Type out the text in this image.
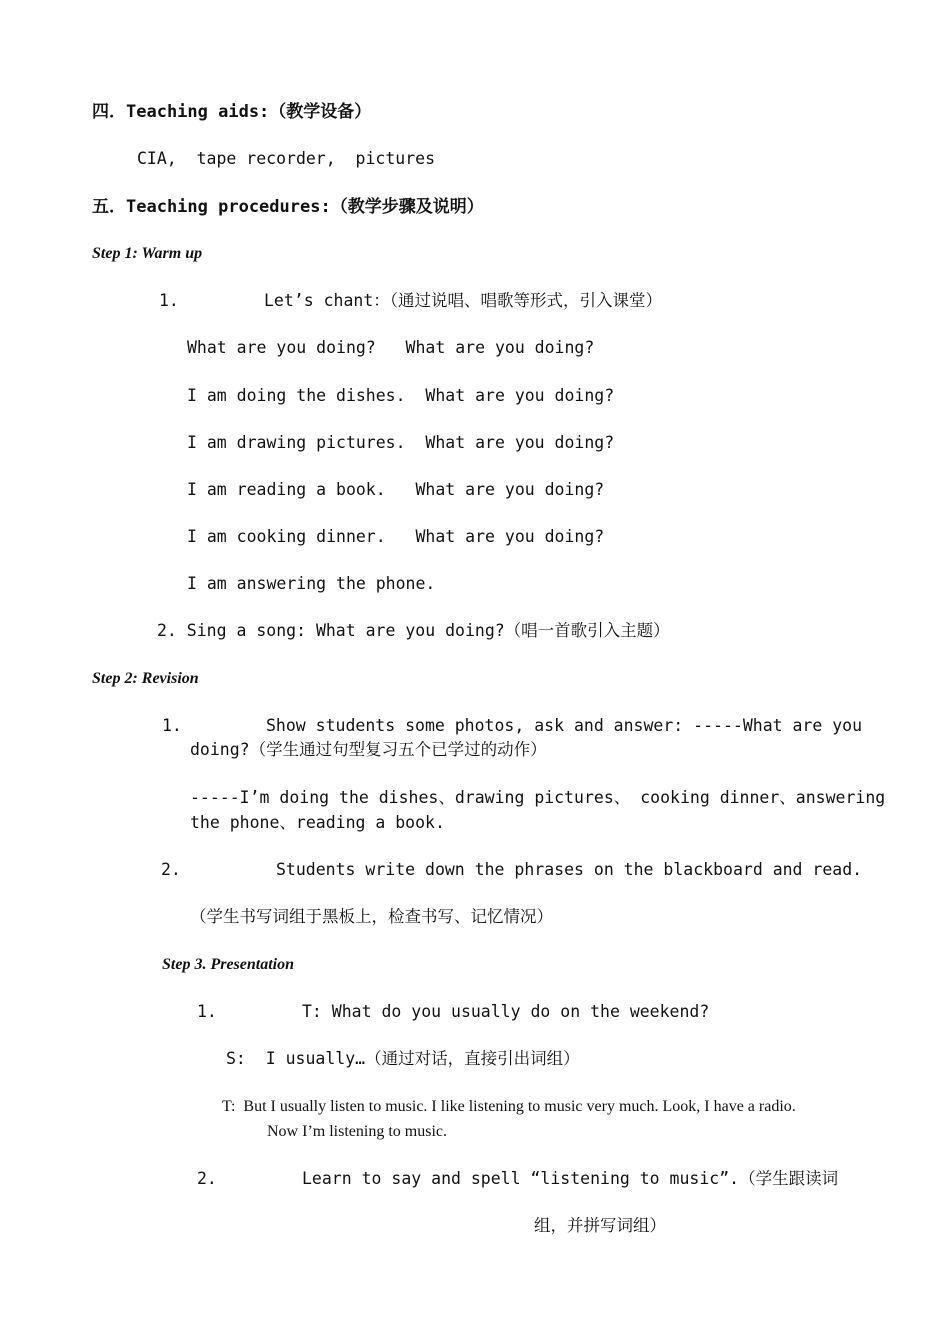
四．Teaching aids:（教学设备）
CIA,  tape recorder,  pictures
五．Teaching procedures:（教学步骤及说明）
Step 1: Warm up
1.	Let’s chant：（通过说唱、唱歌等形式，引入课堂）
What are you doing?   What are you doing?
I am doing the dishes.  What are you doing?
I am drawing pictures.  What are you doing?
I am reading a book.   What are you doing?
I am cooking dinner.   What are you doing?
I am answering the phone.
2. Sing a song: What are you doing?（唱一首歌引入主题）
Step 2: Revision
1.	Show students some photos, ask and answer: -----What are you
doing?（学生通过句型复习五个已学过的动作）
-----I’m doing the dishes、drawing pictures、 cooking dinner、answering
the phone、reading a book.
2.	Students write down the phrases on the blackboard and read.
（学生书写词组于黑板上，检查书写、记忆情况）
Step 3. Presentation
1.	T: What do you usually do on the weekend?
S:  I usually…（通过对话，直接引出词组）
T:  But I usually listen to music. I like listening to music very much. Look, I have a radio.
Now I’m listening to music.
2.	Learn to say and spell “listening to music”.（学生跟读词
组，并拼写词组）
